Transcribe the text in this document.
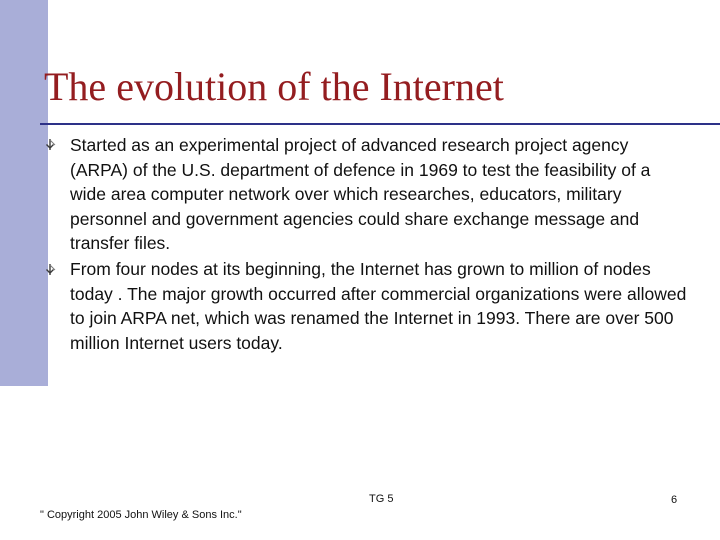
The evolution of the Internet

Started as an experimental project of advanced research project agency (ARPA) of the U.S. department of defence in 1969 to test the feasibility of a wide area computer network over which researches, educators, military personnel and government agencies could share exchange message and transfer files.

From four nodes at its beginning, the Internet has grown to million of nodes today . The major growth occurred after commercial organizations were allowed to join ARPA net, which was renamed the Internet in 1993. There are over 500 million Internet users today.

" Copyright 2005 John Wiley & Sons Inc."

TG 5	6
